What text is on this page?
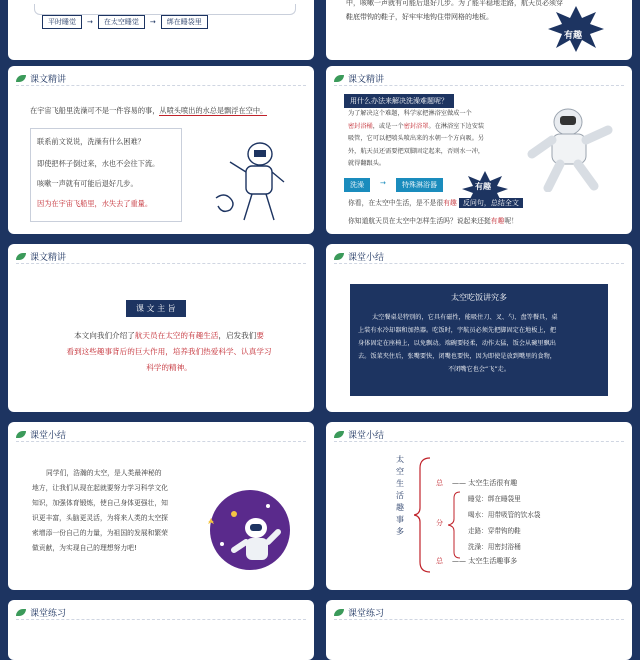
平时睡觉	→	在太空睡觉	→	绑在睡袋里
中，咳嗽一声就有可能后退好几步。为了能平稳地走路，航天员必须穿
鞋底带钩的鞋子，好牢牢地钩住带网格的地板。
有趣
课文精讲
在宇宙飞船里洗澡可不是一件容易的事，从喷头喷出的水总是飘浮在空中。
联系前文说说，洗澡有什么困难？
即使把杯子倒过来，水也不会往下流。
咳嗽一声就有可能后退好几步。
因为在宇宙飞船里，水失去了重量。
课文精讲
用什么办法来解决洗澡难题呢？
为了解决这个难题，科学家把淋浴室做成一个
密封浴桶，或是一个密封浴罩。在淋浴室下边安装
吸管，它可以把喷头喷出来的水朝一个方向吸。另
外，航天员还需要把双脚固定起来，否则水一冲，
就得翻跟头。
有趣
洗澡	→	特殊淋浴器
你看，在太空中生活，是不是很有趣 反问句，总结全文
你知道航天员在太空中怎样生活吗？说起来还挺有趣呢！
课文精讲
课 文 主 旨
本文向我们介绍了航天员在太空的有趣生活，启发我们要
看到这些趣事背后的巨大作用，培养我们热爱科学、认真学习
科学的精神。
课堂小结
太空吃饭讲究多
太空餐桌是特别的，它具有磁性，能吸住刀、叉、勺、盘等餐具，桌
上装有水冷却器和加热器。吃饭时，宇航员必须先把脚固定在地板上，把
身体固定在座椅上，以免飘动。端碗要轻柔，动作太猛，饭会从碗里飘出
去。饭菜夹住后，张嘴要快，闭嘴也要快，因为即使是放到嘴里的食物，
不闭嘴它也会“飞”走。
课堂小结
同学们，浩瀚的太空，是人类最神秘的
地方，让我们从现在起就要努力学习科学文化
知识，加强体育锻炼，使自己身体更强壮，知
识更丰富，头脑更灵活，为将来人类的太空探
索增添一份自己的力量，为祖国的发展和繁荣
做贡献，为实现自己的理想努力吧!
课堂小结
太空生活趣事多
总 —— 太空生活很有趣
分
睡觉：绑在睡袋里
喝水：用带吸管的饮水袋
走路：穿带钩的鞋
洗澡：用密封浴桶
总 —— 太空生活趣事多
课堂练习	课堂练习
